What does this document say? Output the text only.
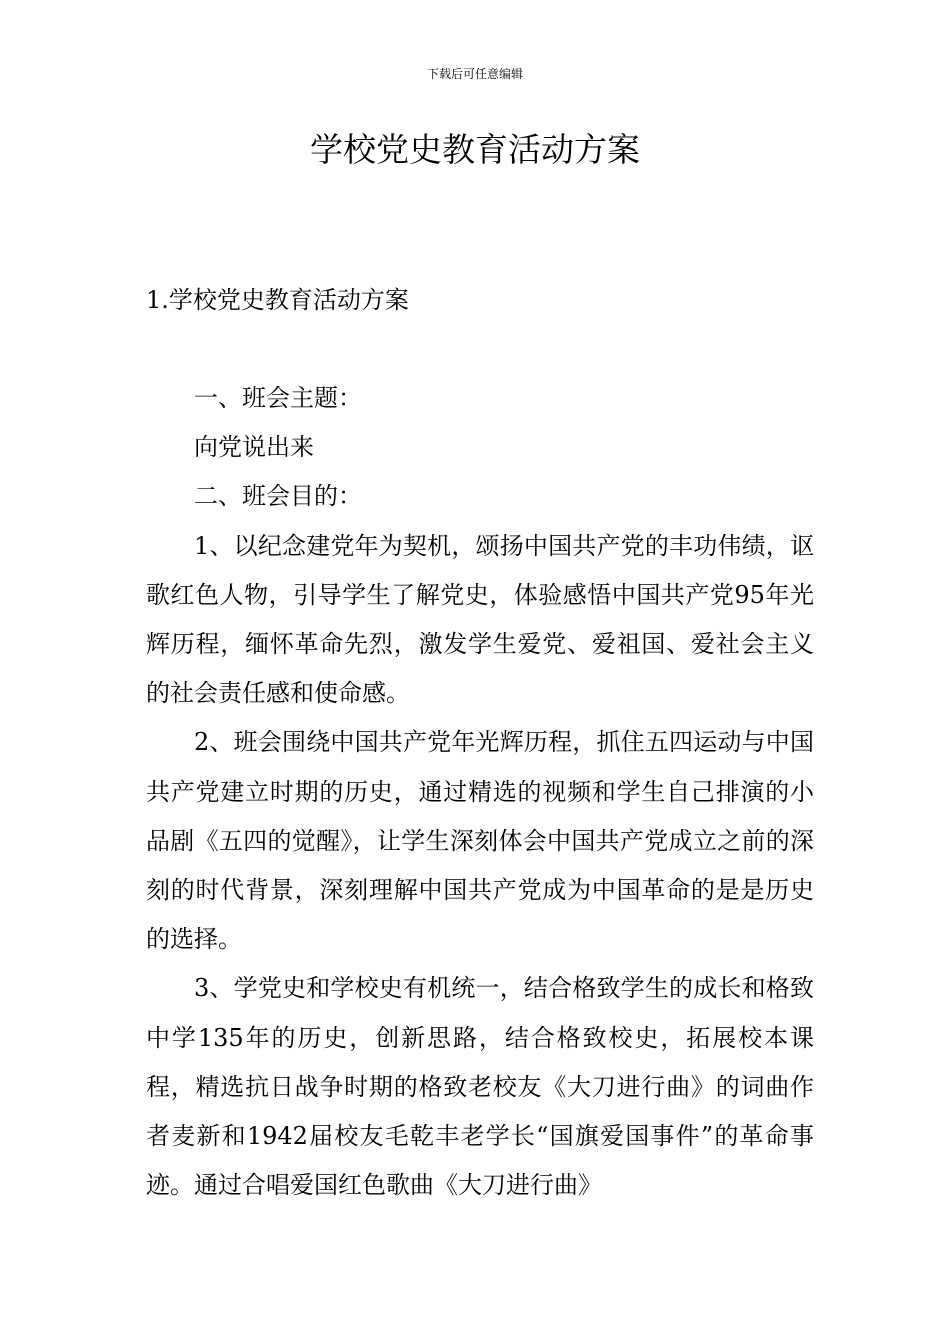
下载后可任意编辑
学校党史教育活动方案
1.学校党史教育活动方案

一、班会主题：

向党说出来

二、班会目的：

1、以纪念建党年为契机，颂扬中国共产党的丰功伟绩，讴歌红色人物，引导学生了解党史，体验感悟中国共产党95年光辉历程，缅怀革命先烈，激发学生爱党、爱祖国、爱社会主义的社会责任感和使命感。

2、班会围绕中国共产党年光辉历程，抓住五四运动与中国共产党建立时期的历史，通过精选的视频和学生自己排演的小品剧《五四的觉醒》，让学生深刻体会中国共产党成立之前的深刻的时代背景，深刻理解中国共产党成为中国革命的是是历史的选择。

3、学党史和学校史有机统一，结合格致学生的成长和格致中学135年的历史，创新思路，结合格致校史，拓展校本课程，精选抗日战争时期的格致老校友《大刀进行曲》的词曲作者麦新和1942届校友毛乾丰老学长“国旗爱国事件”的革命事迹。通过合唱爱国红色歌曲《大刀进行曲》
